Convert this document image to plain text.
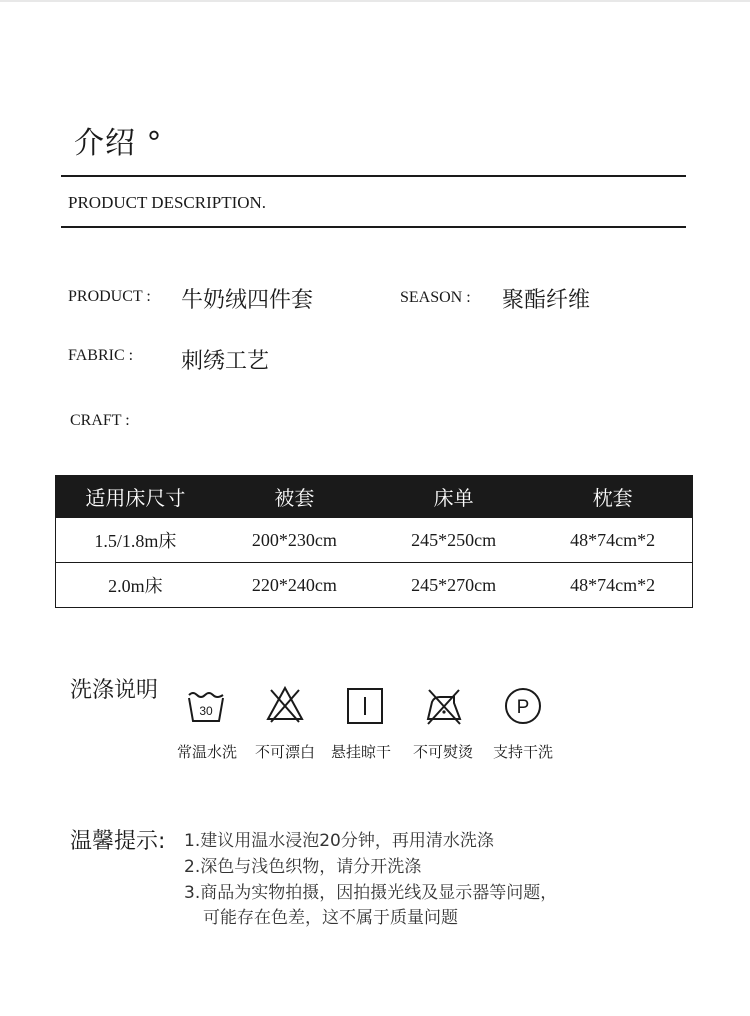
介绍 °
PRODUCT DESCRIPTION.
PRODUCT : 牛奶绒四件套	SEASON : 聚酯纤维
FABRIC : 刺绣工艺
CRAFT :
适用床尺寸	被套	床单	枕套
1.5/1.8m床	200*230cm	245*250cm	48*74cm*2
2.0m床	220*240cm	245*270cm	48*74cm*2
洗涤说明
30	P
常温水洗	不可漂白	悬挂晾干	不可熨烫	支持干洗
温馨提示: 1.建议用温水浸泡20分钟，再用清水洗涤
2.深色与浅色织物，请分开洗涤
3.商品为实物拍摄，因拍摄光线及显示器等问题，
可能存在色差，这不属于质量问题
